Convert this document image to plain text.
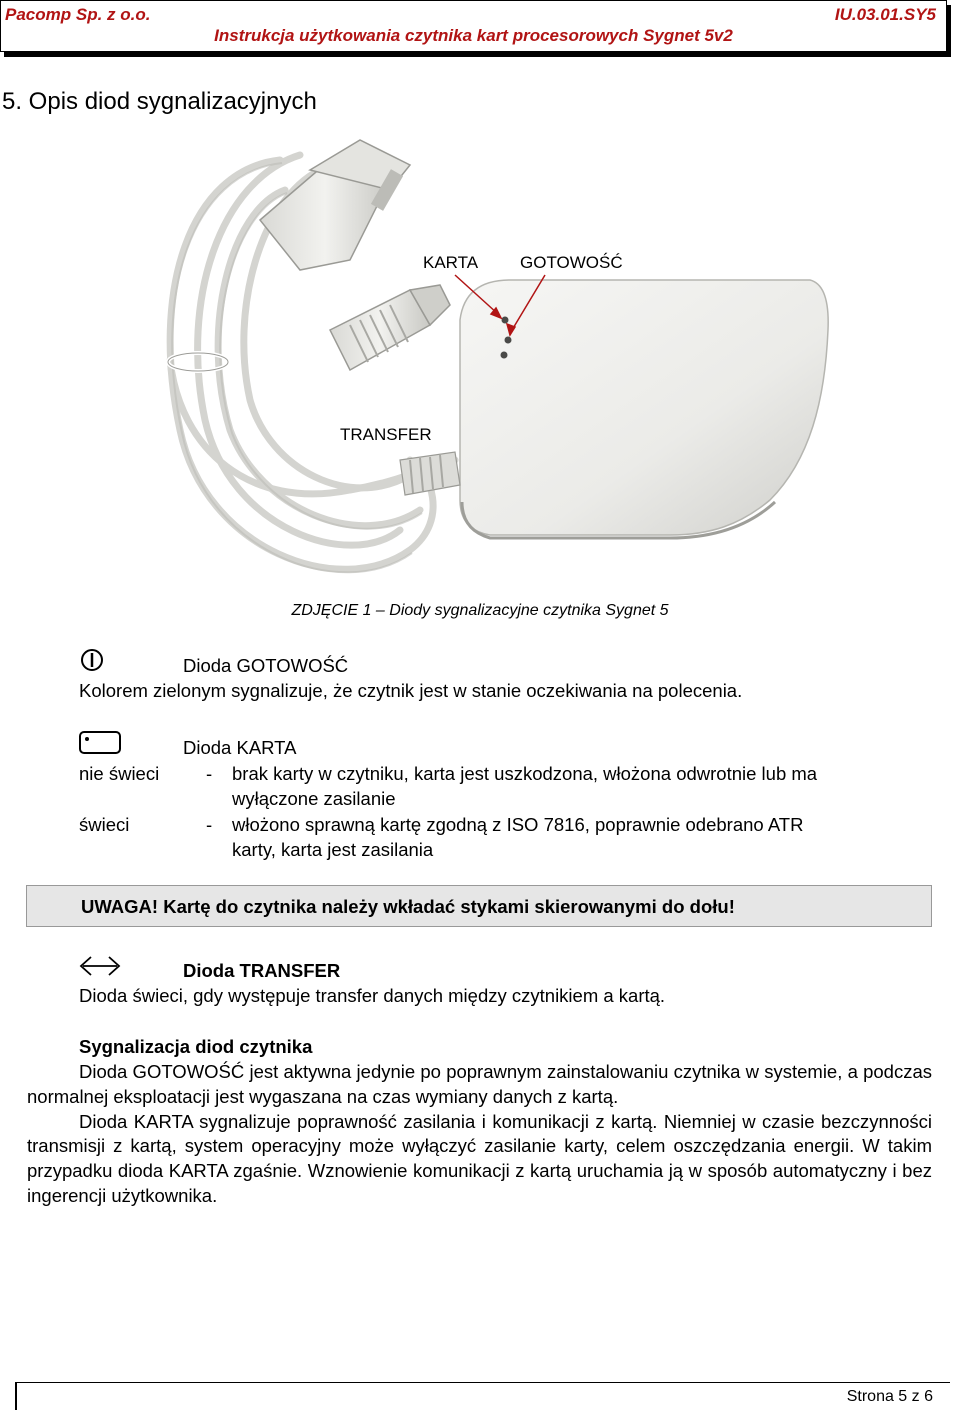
Pacomp Sp. z o.o.	IU.03.01.SY5
Instrukcja użytkowania czytnika kart procesorowych Sygnet 5v2
5. Opis diod sygnalizacyjnych
KARTA GOTOWOŚĆ
TRANSFER
ZDJĘCIE 1 – Diody sygnalizacyjne czytnika Sygnet 5
Dioda GOTOWOŚĆ
Kolorem zielonym sygnalizuje, że czytnik jest w stanie oczekiwania na polecenia.
Dioda KARTA
nie świeci	- brak karty w czytniku, karta jest uszkodzona, włożona odwrotnie lub ma
wyłączone zasilanie
świeci	- włożono sprawną kartę zgodną z ISO 7816, poprawnie odebrano ATR
karty, karta jest zasilania
UWAGA! Kartę do czytnika należy wkładać stykami skierowanymi do dołu!
Dioda TRANSFER
Dioda świeci, gdy występuje transfer danych między czytnikiem a kartą.
Sygnalizacja diod czytnika

Dioda GOTOWOŚĆ jest aktywna jedynie po poprawnym zainstalowaniu czytnika w systemie, a podczas normalnej eksploatacji jest wygaszana na czas wymiany danych z kartą.

Dioda KARTA sygnalizuje poprawność zasilania i komunikacji z kartą. Niemniej w czasie bezczynności transmisji z kartą, system operacyjny może wyłączyć zasilanie karty, celem oszczędzania energii. W takim przypadku dioda KARTA zgaśnie. Wznowienie komunikacji z kartą uruchamia ją w sposób automatyczny i bez ingerencji użytkownika.

Strona 5 z 6
